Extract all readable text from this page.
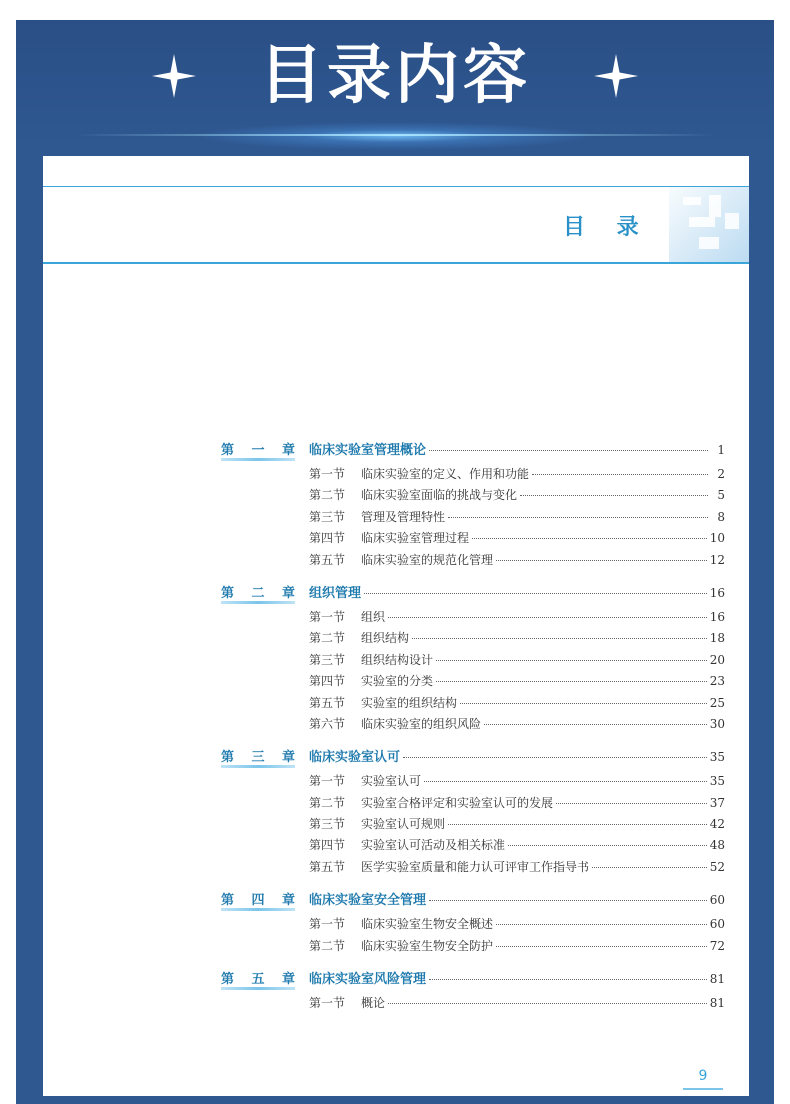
目录内容
目 录
第 一 章 临床实验室管理概论	1
第一节	临床实验室的定义、作用和功能	2
第二节	临床实验室面临的挑战与变化	5
第三节	管理及管理特性	8
第四节	临床实验室管理过程	10
第五节	临床实验室的规范化管理	12
第 二 章 组织管理	16
第一节	组织	16
第二节	组织结构	18
第三节	组织结构设计	20
第四节	实验室的分类	23
第五节	实验室的组织结构	25
第六节	临床实验室的组织风险	30
第 三 章 临床实验室认可	35
第一节	实验室认可	35
第二节	实验室合格评定和实验室认可的发展	37
第三节	实验室认可规则	42
第四节	实验室认可活动及相关标准	48
第五节	医学实验室质量和能力认可评审工作指导书	52
第 四 章 临床实验室安全管理	60
第一节	临床实验室生物安全概述	60
第二节	临床实验室生物安全防护	72
第 五 章 临床实验室风险管理	81
第一节	概论	81
9
